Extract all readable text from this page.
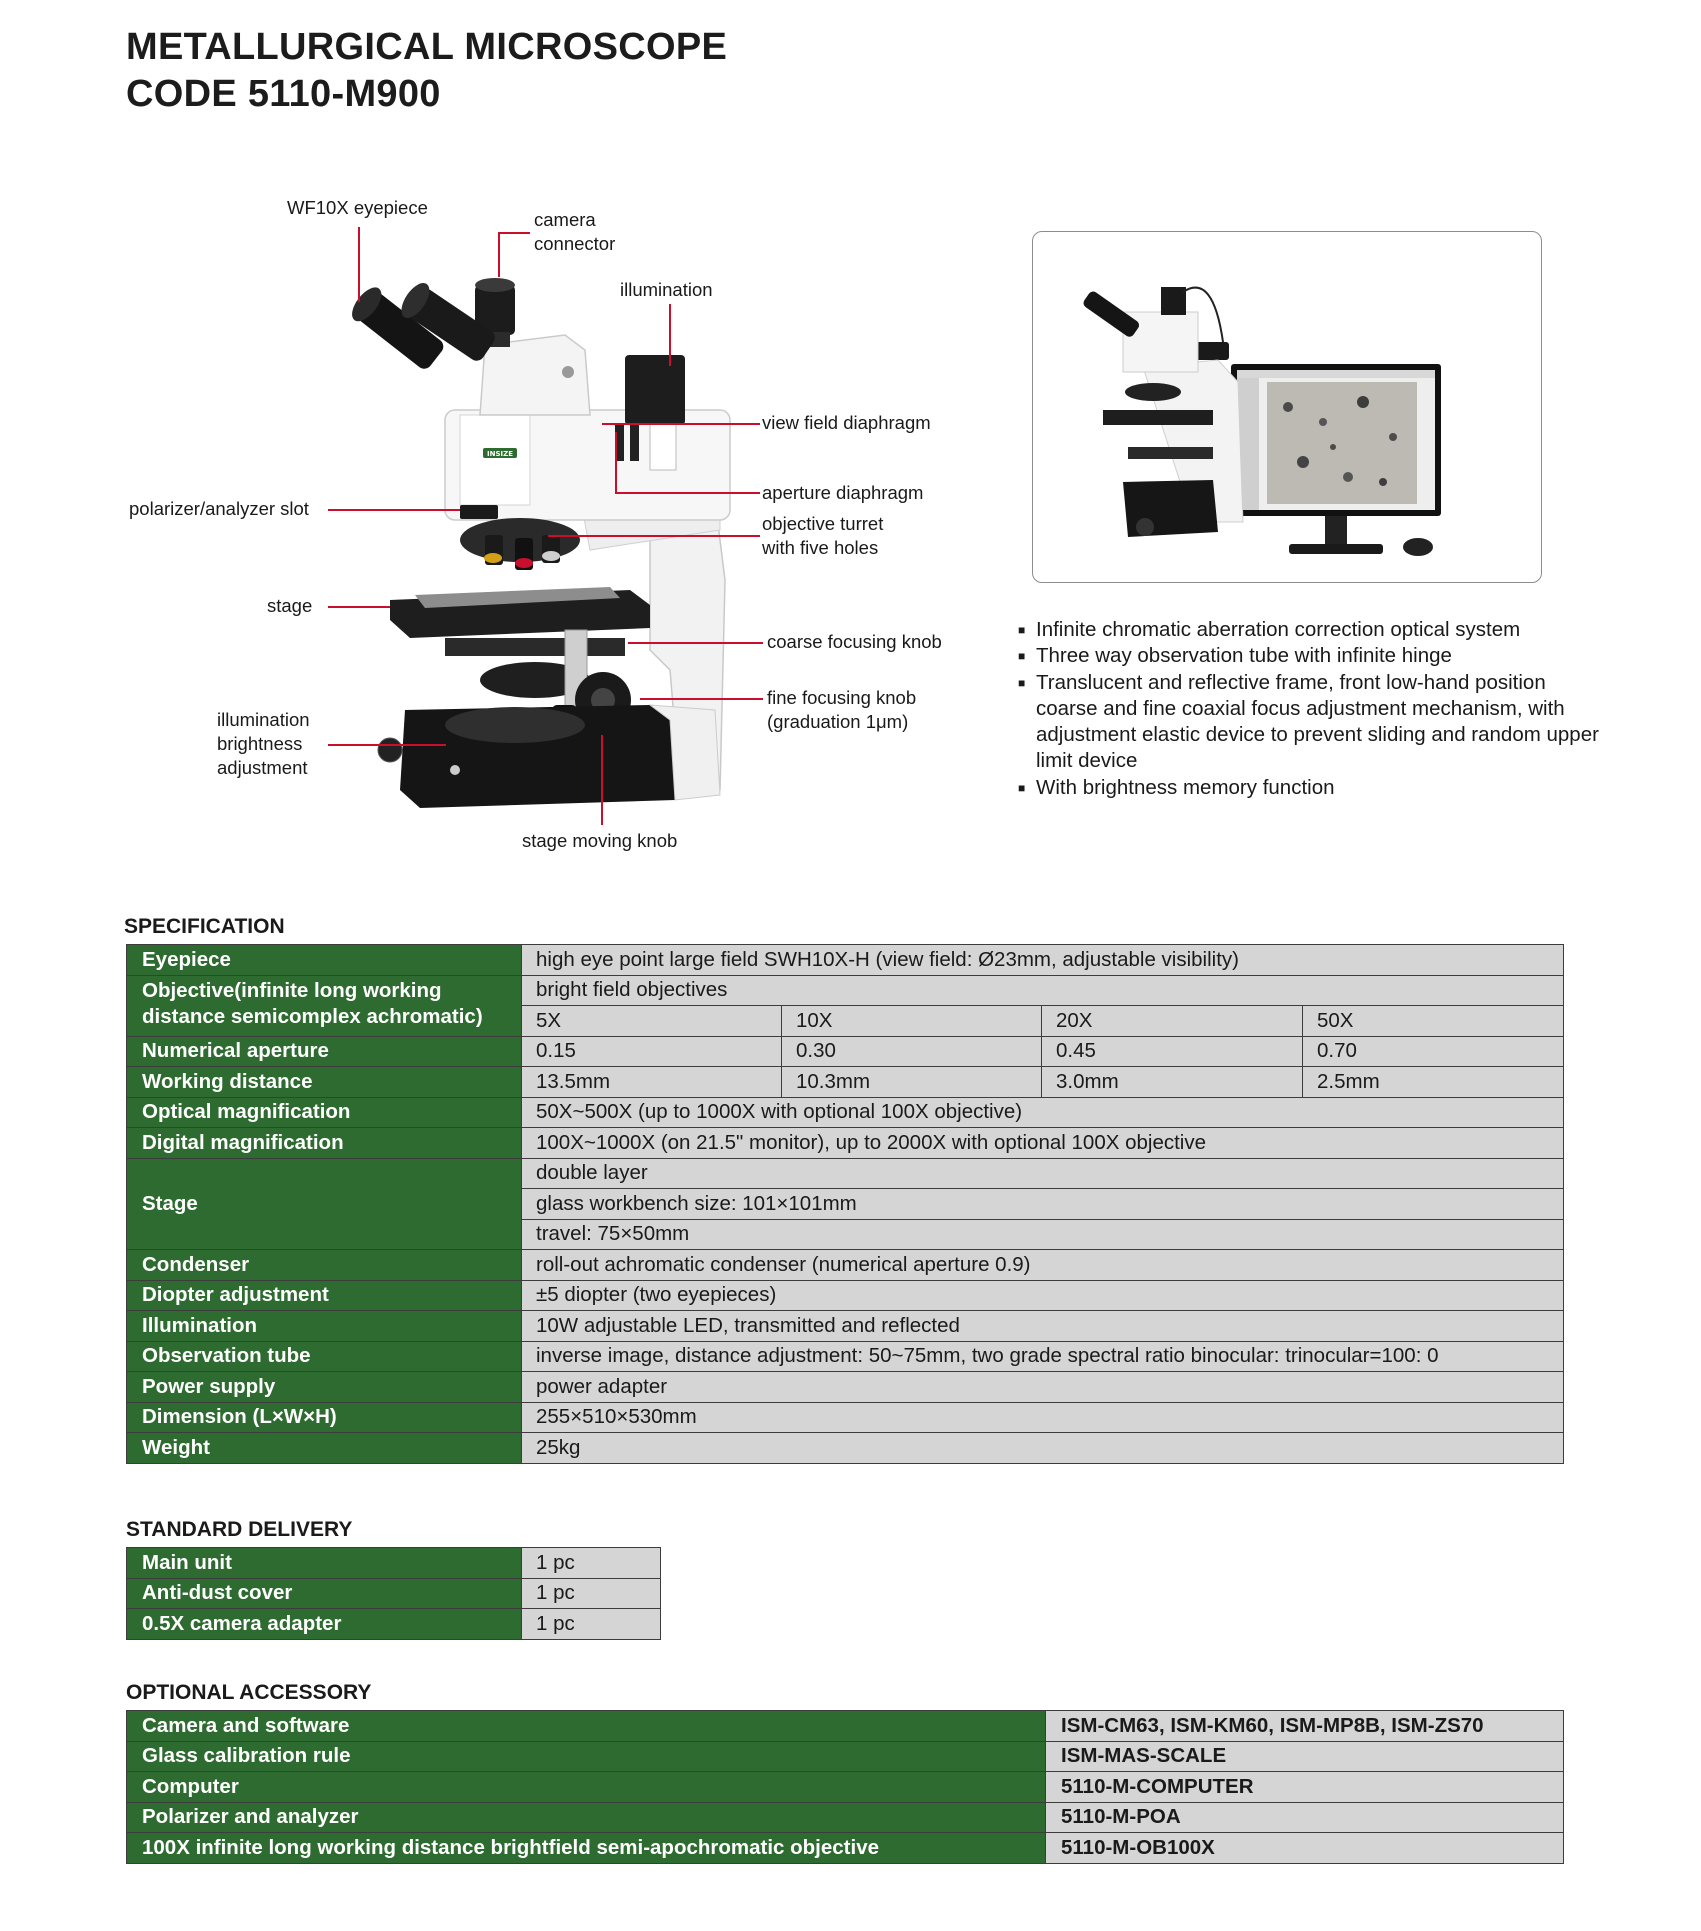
METALLURGICAL MICROSCOPE
CODE 5110-M900
INSIZE
WF10X eyepiece
camera
connector
illumination
view field diaphragm
polarizer/analyzer slot
aperture diaphragm
objective turret
with five holes
stage
coarse focusing knob
fine focusing knob
(graduation 1μm)
illumination
brightness
adjustment
stage moving knob
■ Infinite chromatic aberration correction optical system
■ Three way observation tube with infinite hinge
■ Translucent and reflective frame, front low-hand position coarse and fine coaxial focus adjustment mechanism, with adjustment elastic device to prevent sliding and random upper limit device
■ With brightness memory function
SPECIFICATION
Eyepiece	high eye point large field SWH10X-H (view field: Ø23mm, adjustable visibility)			
Objective(infinite long working distance semicomplex achromatic)	bright field objectives			
	5X	10X	20X	50X
Numerical aperture	0.15	0.30	0.45	0.70
Working distance	13.5mm	10.3mm	3.0mm	2.5mm
Optical magnification	50X~500X (up to 1000X with optional 100X objective)			
Digital magnification	100X~1000X (on 21.5" monitor), up to 2000X with optional 100X objective			
Stage	double layer			
	glass workbench size: 101×101mm			
	travel: 75×50mm			
Condenser	roll-out achromatic condenser (numerical aperture 0.9)			
Diopter adjustment	±5 diopter (two eyepieces)			
Illumination	10W adjustable LED, transmitted and reflected			
Observation tube	inverse image, distance adjustment: 50~75mm, two grade spectral ratio binocular: trinocular=100: 0			
Power supply	power adapter			
Dimension (L×W×H)	255×510×530mm			
Weight	25kg			
STANDARD DELIVERY
Main unit	1 pc
Anti-dust cover	1 pc
0.5X camera adapter	1 pc
OPTIONAL ACCESSORY
Camera and software	ISM-CM63, ISM-KM60, ISM-MP8B, ISM-ZS70
Glass calibration rule	ISM-MAS-SCALE
Computer	5110-M-COMPUTER
Polarizer and analyzer	5110-M-POA
100X infinite long working distance brightfield semi-apochromatic objective	5110-M-OB100X
